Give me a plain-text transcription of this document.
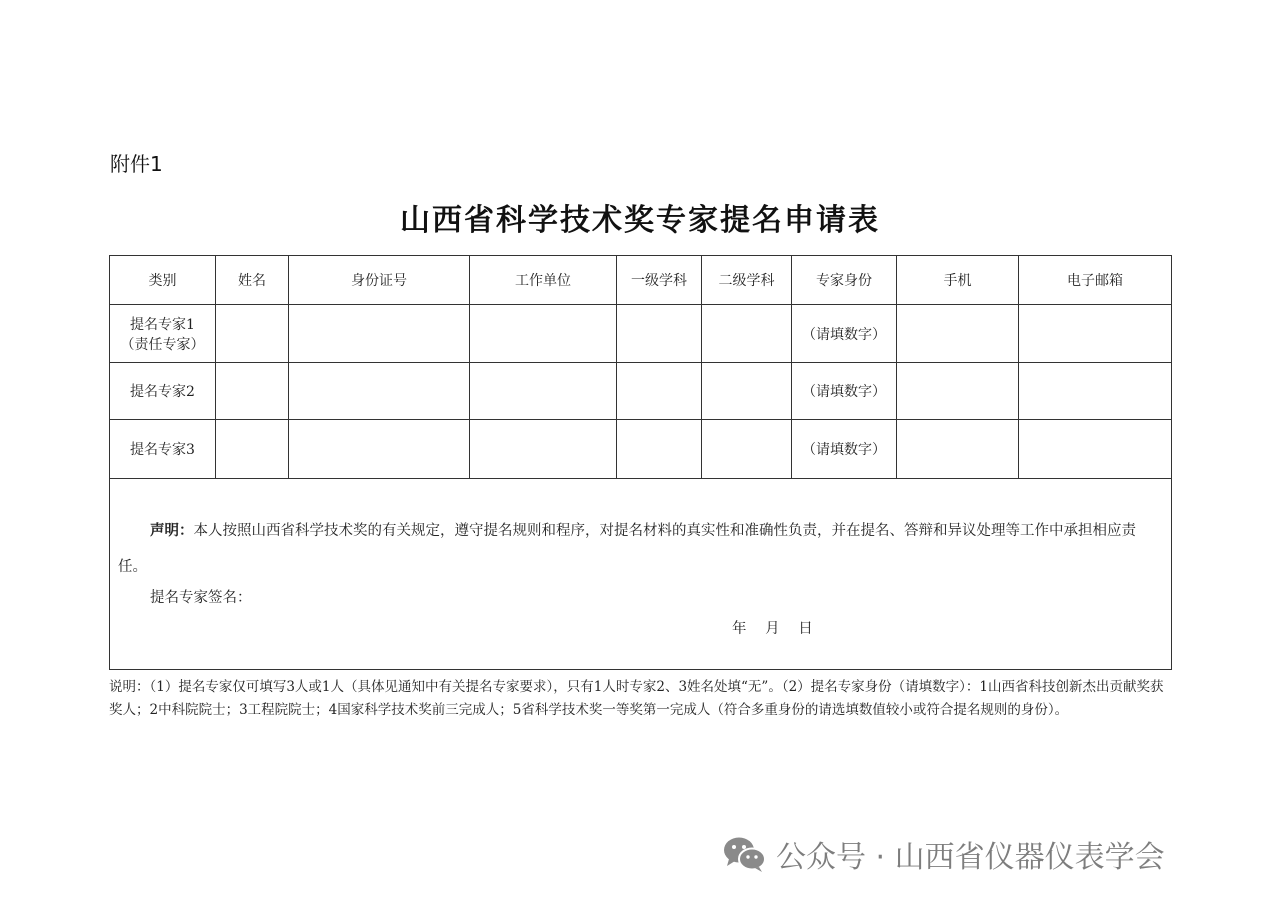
附件1
山西省科学技术奖专家提名申请表
类别	姓名	身份证号	工作单位	一级学科	二级学科	专家身份	手机	电子邮箱

提名专家1
（责任专家）						（请填数字）		

提名专家2						（请填数字）		

提名专家3						（请填数字）		

声明：本人按照山西省科学技术奖的有关规定，遵守提名规则和程序，对提名材料的真实性和准确性负责，并在提名、答辩和异议处理等工作中承担相应责任。
提名专家签名：
年 月 日								
说明：（1）提名专家仅可填写3人或1人（具体见通知中有关提名专家要求），只有1人时专家2、3姓名处填“无”。（2）提名专家身份（请填数字）：1山西省科技创新杰出贡献奖获奖人；2中科院院士；3工程院院士；4国家科学技术奖前三完成人；5省科学技术奖一等奖第一完成人（符合多重身份的请选填数值较小或符合提名规则的身份）。
公众号 · 山西省仪器仪表学会
